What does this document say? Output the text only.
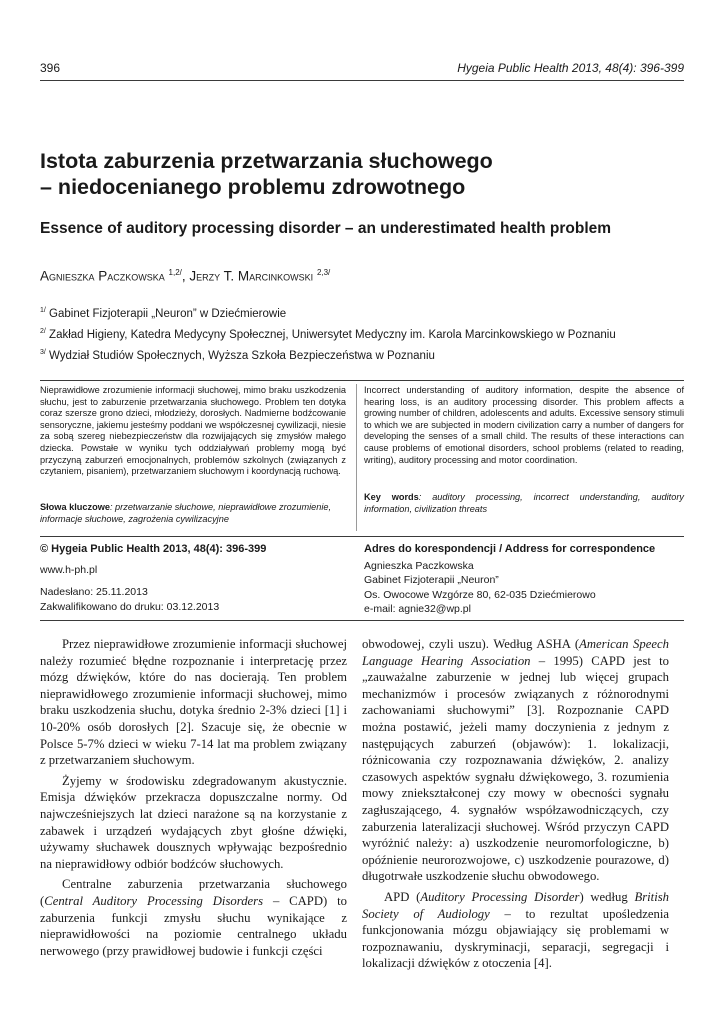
396	Hygeia Public Health 2013, 48(4): 396-399
Istota zaburzenia przetwarzania słuchowego
– niedocenianego problemu zdrowotnego
Essence of auditory processing disorder – an underestimated health problem
Agnieszka Paczkowska $^{1,2/}$, Jerzy T. Marcinkowski $^{2,3/}$
$^{1/}$ Gabinet Fizjoterapii „Neuron” w Dziećmierowie
$^{2/}$ Zakład Higieny, Katedra Medycyny Społecznej, Uniwersytet Medyczny im. Karola Marcinkowskiego w Poznaniu
$^{3/}$ Wydział Studiów Społecznych, Wyższa Szkoła Bezpieczeństwa w Poznaniu
Nieprawidłowe zrozumienie informacji słuchowej, mimo braku uszkodzenia słuchu, jest to zaburzenie przetwarzania słuchowego. Problem ten dotyka coraz szersze grono dzieci, młodzieży, dorosłych. Nadmierne bodźcowanie sensoryczne, jakiemu jesteśmy poddani we współczesnej cywilizacji, niesie za sobą szereg niebezpieczeństw dla rozwijających się zmysłów małego dziecka. Powstałe w wyniku tych oddziaływań problemy mogą być przyczyną zaburzeń emocjonalnych, problemów szkolnych (związanych z czytaniem, pisaniem), przetwarzaniem słuchowym i koordynacją ruchową.
Słowa kluczowe: przetwarzanie słuchowe, nieprawidłowe zrozumienie, informacje słuchowe, zagrożenia cywilizacyjne
Incorrect understanding of auditory information, despite the absence of hearing loss, is an auditory processing disorder. This problem affects a growing number of children, adolescents and adults. Excessive sensory stimuli to which we are subjected in modern civilization carry a number of dangers for developing the senses of a small child. The results of these interactions can cause problems of emotional disorders, school problems (related to reading, writing), auditory processing and motor coordination.
Key words: auditory processing, incorrect understanding, auditory information, civilization threats
© Hygeia Public Health 2013, 48(4): 396-399
www.h-ph.pl
Nadesłano: 25.11.2013
Zakwalifikowano do druku: 03.12.2013
Adres do korespondencji / Address for correspondence
Agnieszka Paczkowska
Gabinet Fizjoterapii „Neuron”
Os. Owocowe Wzgórze 80, 62-035 Dziećmierowo
e-mail: agnie32@wp.pl

Przez nieprawidłowe zrozumienie informacji słuchowej należy rozumieć błędne rozpoznanie i interpretację przez mózg dźwięków, które do nas docierają. Ten problem nieprawidłowego zrozumienie informacji słuchowej, mimo braku uszkodzenia słuchu, dotyka średnio 2-3% dzieci [1] i 10-20% osób dorosłych [2]. Szacuje się, że obecnie w Polsce 5-7% dzieci w wieku 7-14 lat ma problem związany z przetwarzaniem słuchowym.

Żyjemy w środowisku zdegradowanym akustycznie. Emisja dźwięków przekracza dopuszczalne normy. Od najwcześniejszych lat dzieci narażone są na korzystanie z zabawek i urządzeń wydających zbyt głośne dźwięki, używamy słuchawek dousznych wpływając bezpośrednio na nieprawidłowy odbiór bodźców słuchowych.

Centralne zaburzenia przetwarzania słuchowego (Central Auditory Processing Disorders – CAPD) to zaburzenia funkcji zmysłu słuchu wynikające z nieprawidłowości na poziomie centralnego układu nerwowego (przy prawidłowej budowie i funkcji części

obwodowej, czyli uszu). Według ASHA (American Speech Language Hearing Association – 1995) CAPD jest to „zauważalne zaburzenie w jednej lub więcej grupach mechanizmów i procesów związanych z różnorodnymi zachowaniami słuchowymi” [3]. Rozpoznanie CAPD można postawić, jeżeli mamy doczynienia z jednym z następujących zaburzeń (objawów): 1. lokalizacji, różnicowania czy rozpoznawania dźwięków, 2. analizy czasowych aspektów sygnału dźwiękowego, 3. rozumienia mowy zniekształconej czy mowy w obecności sygnału zagłuszającego, 4. sygnałów współzawodniczących, czy zaburzenia lateralizacji słuchowej. Wśród przyczyn CAPD wyróżnić należy: a) uszkodzenie neuromorfologiczne, b) opóźnienie neurorozwojowe, c) uszkodzenie pourazowe, d) długotrwałe uszkodzenie słuchu obwodowego.

APD (Auditory Processing Disorder) według British Society of Audiology – to rezultat upośledzenia funkcjonowania mózgu objawiający się problemami w rozpoznawaniu, dyskryminacji, separacji, segregacji i lokalizacji dźwięków z otoczenia [4].
